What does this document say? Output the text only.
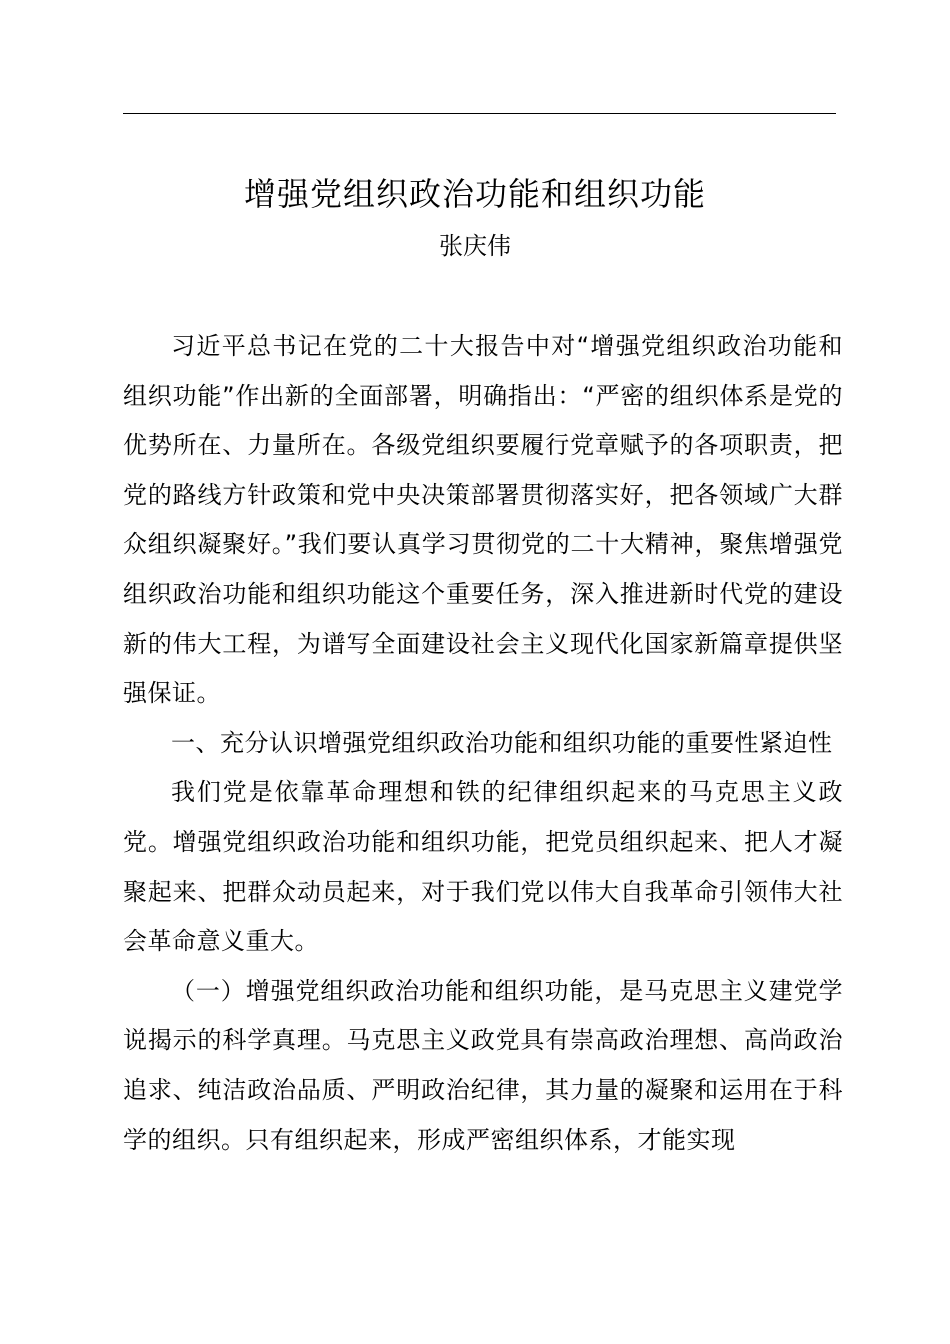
增强党组织政治功能和组织功能
张庆伟

习近平总书记在党的二十大报告中对“增强党组织政治功能和组织功能”作出新的全面部署，明确指出：“严密的组织体系是党的优势所在、力量所在。各级党组织要履行党章赋予的各项职责，把党的路线方针政策和党中央决策部署贯彻落实好，把各领域广大群众组织凝聚好。”我们要认真学习贯彻党的二十大精神，聚焦增强党组织政治功能和组织功能这个重要任务，深入推进新时代党的建设新的伟大工程，为谱写全面建设社会主义现代化国家新篇章提供坚强保证。

一、充分认识增强党组织政治功能和组织功能的重要性紧迫性

我们党是依靠革命理想和铁的纪律组织起来的马克思主义政党。增强党组织政治功能和组织功能，把党员组织起来、把人才凝聚起来、把群众动员起来，对于我们党以伟大自我革命引领伟大社会革命意义重大。

（一）增强党组织政治功能和组织功能，是马克思主义建党学说揭示的科学真理。马克思主义政党具有崇高政治理想、高尚政治追求、纯洁政治品质、严明政治纪律，其力量的凝聚和运用在于科学的组织。只有组织起来，形成严密组织体系，才能实现
